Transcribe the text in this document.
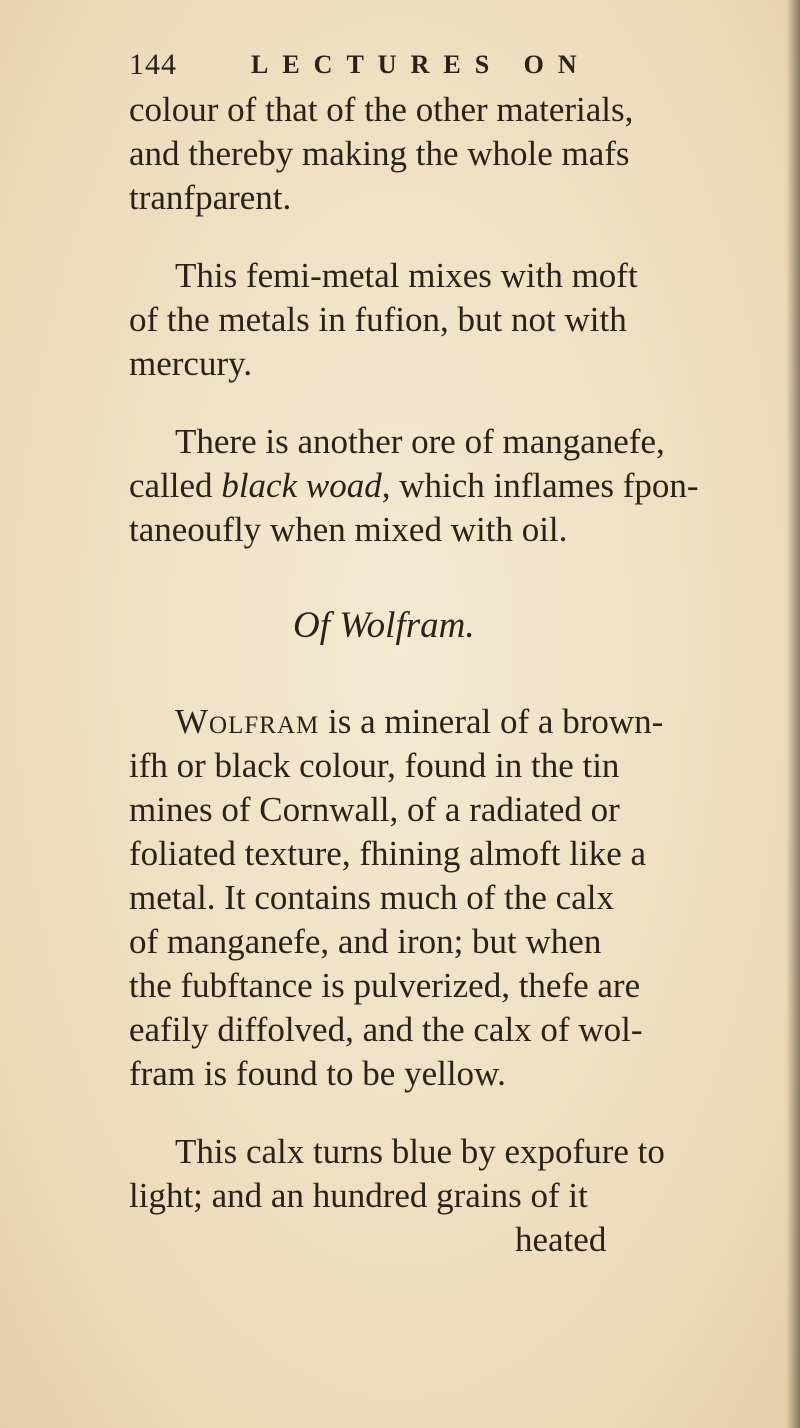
144	LECTURES ON
colour of that of the other materials,
and thereby making the whole mafs
tranfparent.
This femi-metal mixes with moft
of the metals in fufion, but not with
mercury.
There is another ore of manganefe,
called black woad, which inflames fpon-
taneoufly when mixed with oil.
Of Wolfram.
Wolfram is a mineral of a brown-
ifh or black colour, found in the tin
mines of Cornwall, of a radiated or
foliated texture, fhining almoft like a
metal. It contains much of the calx
of manganefe, and iron; but when
the fubftance is pulverized, thefe are
eafily diffolved, and the calx of wol-
fram is found to be yellow.
This calx turns blue by expofure to
light; and an hundred grains of it
heated
